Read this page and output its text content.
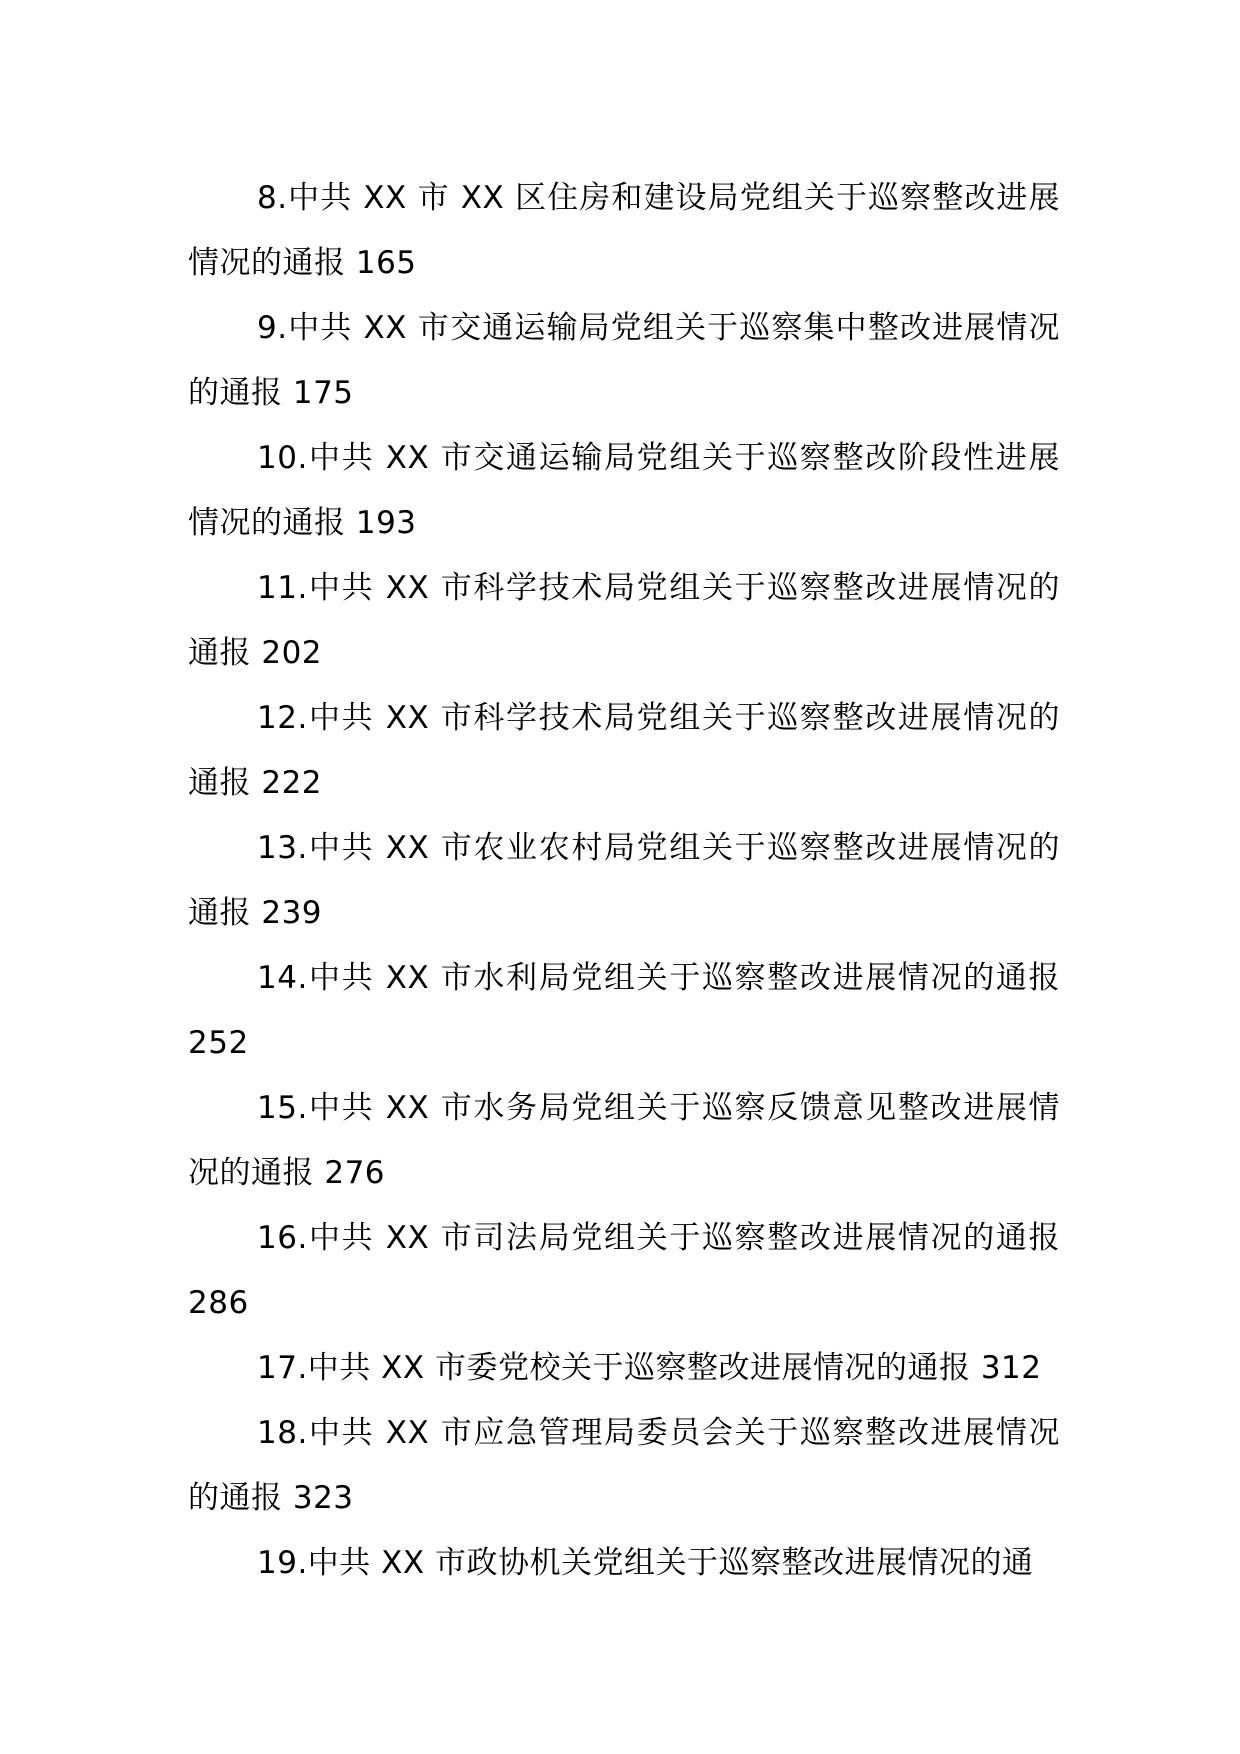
8.中共 XX 市 XX 区住房和建设局党组关于巡察整改进展情况的通报 165

9.中共 XX 市交通运输局党组关于巡察集中整改进展情况的通报 175

10.中共 XX 市交通运输局党组关于巡察整改阶段性进展情况的通报 193

11.中共 XX 市科学技术局党组关于巡察整改进展情况的通报 202

12.中共 XX 市科学技术局党组关于巡察整改进展情况的通报 222

13.中共 XX 市农业农村局党组关于巡察整改进展情况的通报 239

14.中共 XX 市水利局党组关于巡察整改进展情况的通报 252

15.中共 XX 市水务局党组关于巡察反馈意见整改进展情况的通报 276

16.中共 XX 市司法局党组关于巡察整改进展情况的通报 286

17.中共 XX 市委党校关于巡察整改进展情况的通报 312

18.中共 XX 市应急管理局委员会关于巡察整改进展情况的通报 323

19.中共 XX 市政协机关党组关于巡察整改进展情况的通
